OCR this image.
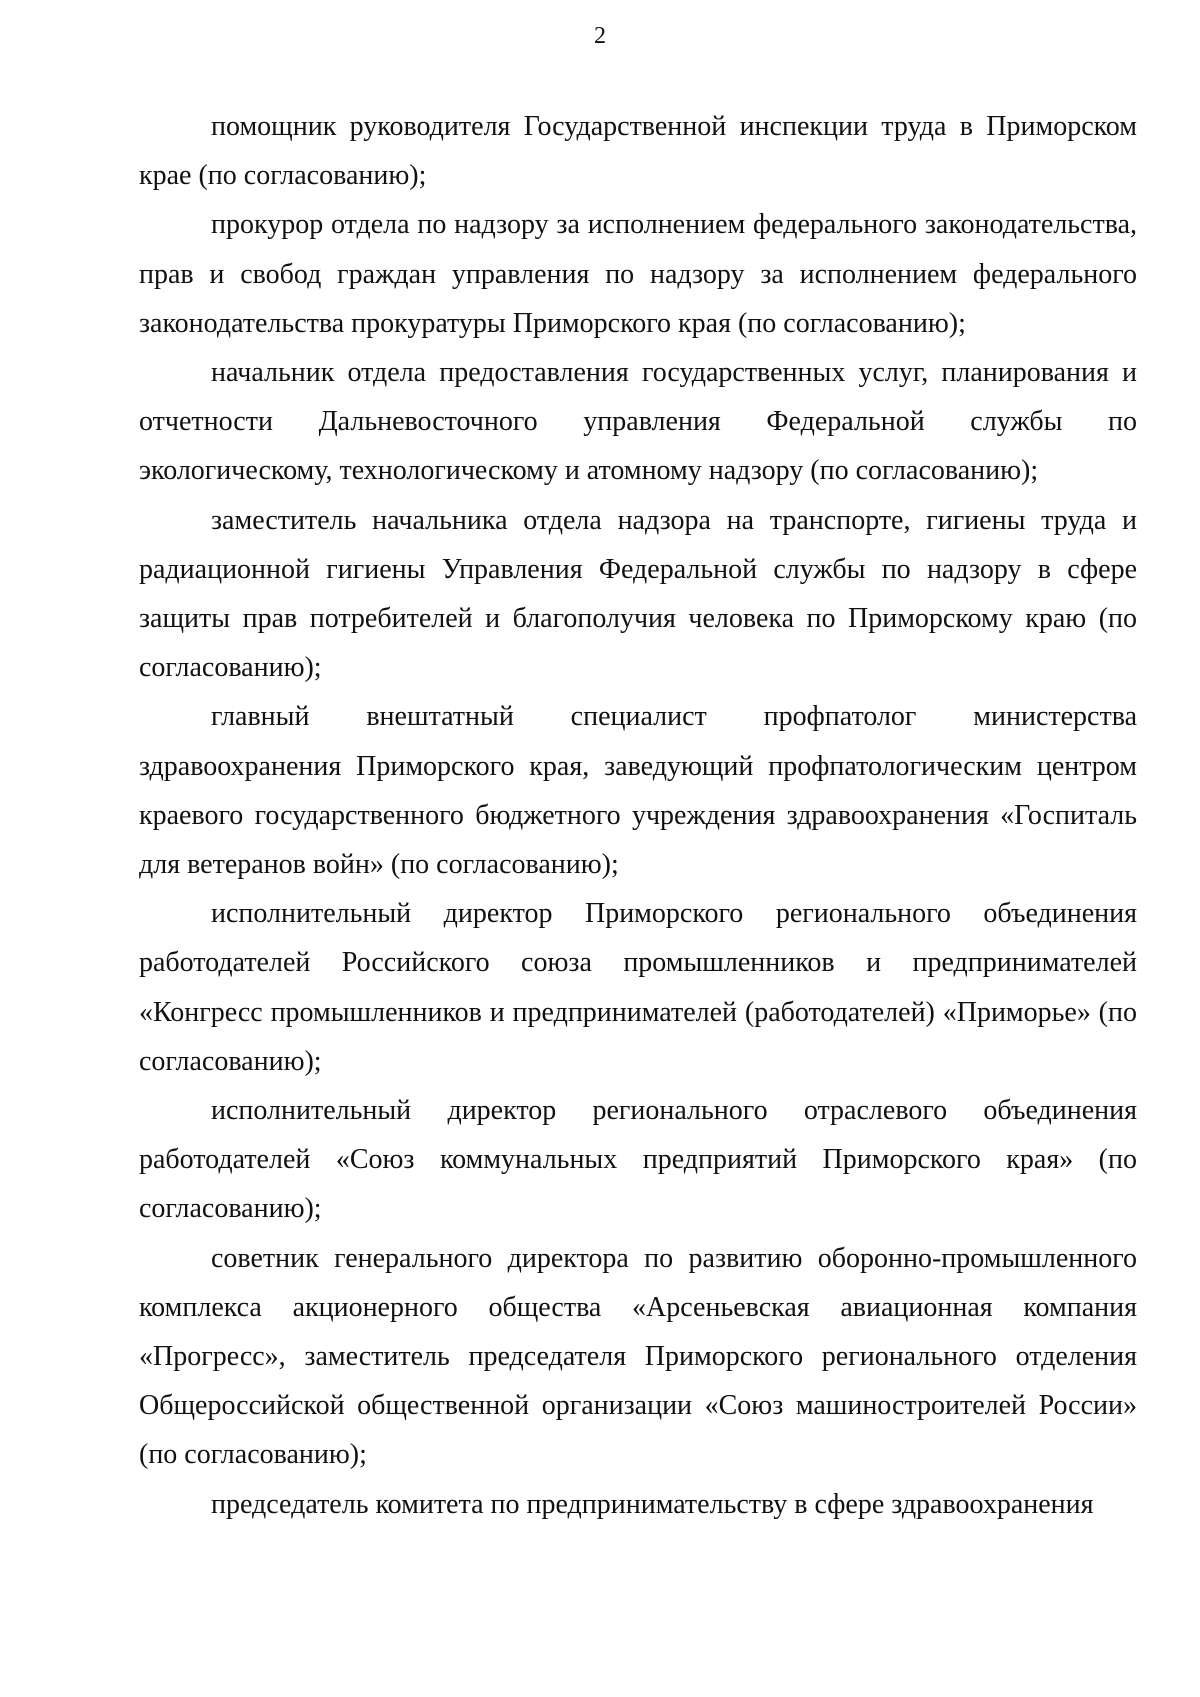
2

помощник руководителя Государственной инспекции труда в Приморском крае (по согласованию);

прокурор отдела по надзору за исполнением федерального законодательства, прав и свобод граждан управления по надзору за исполнением федерального законодательства прокуратуры Приморского края (по согласованию);

начальник отдела предоставления государственных услуг, планирования и отчетности Дальневосточного управления Федеральной службы по экологическому, технологическому и атомному надзору (по согласованию);

заместитель начальника отдела надзора на транспорте, гигиены труда и радиационной гигиены Управления Федеральной службы по надзору в сфере защиты прав потребителей и благополучия человека по Приморскому краю (по согласованию);

главный внештатный специалист профпатолог министерства здравоохранения Приморского края, заведующий профпатологическим центром краевого государственного бюджетного учреждения здравоохранения «Госпиталь для ветеранов войн» (по согласованию);

исполнительный директор Приморского регионального объединения работодателей Российского союза промышленников и предпринимателей «Конгресс промышленников и предпринимателей (работодателей) «Приморье» (по согласованию);

исполнительный директор регионального отраслевого объединения работодателей «Союз коммунальных предприятий Приморского края» (по согласованию);

советник генерального директора по развитию оборонно-промышленного комплекса акционерного общества «Арсеньевская авиационная компания «Прогресс», заместитель председателя Приморского регионального отделения Общероссийской общественной организации «Союз машиностроителей России» (по согласованию);

председатель комитета по предпринимательству в сфере здравоохранения
